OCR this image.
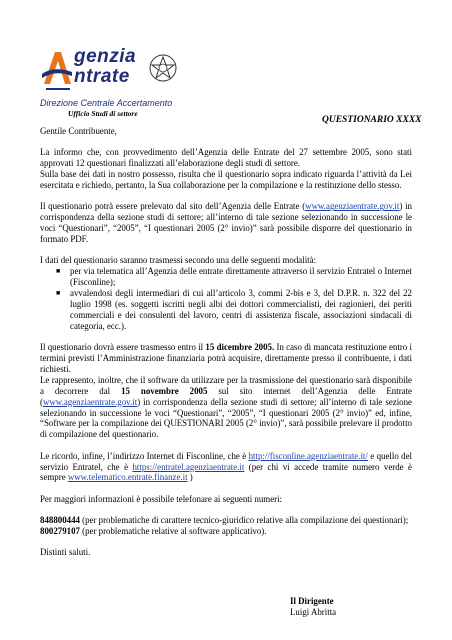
genzia
ntrate
Direzione Centrale Accertamento
Ufficio Studi di settore
QUESTIONARIO XXXX

Gentile Contribuente,

La informo che, con provvedimento dell’Agenzia delle Entrate del 27 settembre 2005, sono stati approvati 12 questionari finalizzati all’elaborazione degli studi di settore.

Sulla base dei dati in nostro possesso, risulta che il questionario sopra indicato riguarda l’attività da Lei esercitata e richiedo, pertanto, la Sua collaborazione per la compilazione e la restituzione dello stesso.

Il questionario potrà essere prelevato dal sito dell’Agenzia delle Entrate (www.agenziaentrate.gov.it) in corrispondenza della sezione studi di settore; all’interno di tale sezione selezionando in successione le voci “Questionari”, “2005”, “I questionari 2005 (2° invio)” sarà possibile disporre del questionario in formato PDF.

I dati del questionario saranno trasmessi secondo una delle seguenti modalità:

■ per via telematica all’Agenzia delle entrate direttamente attraverso il servizio Entratel o Internet (Fisconline);
■ avvalendosi degli intermediari di cui all’articolo 3, commi 2-bis e 3, del D.P.R. n. 322 del 22 luglio 1998 (es. soggetti iscritti negli albi dei dottori commercialisti, dei ragionieri, dei periti commerciali e dei consulenti del lavoro, centri di assistenza fiscale, associazioni sindacali di categoria, ecc.).

Il questionario dovrà essere trasmesso entro il 15 dicembre 2005. In caso di mancata restituzione entro i termini previsti l’Amministrazione finanziaria potrà acquisire, direttamente presso il contribuente, i dati richiesti.

Le rappresento, inoltre, che il software da utilizzare per la trasmissione del questionario sarà disponibile a decorrere dal 15 novembre 2005 sul sito internet dell’Agenzia delle Entrate (www.agenziaentrate.gov.it) in corrispondenza della sezione studi di settore; all’interno di tale sezione selezionando in successione le voci “Questionari”, “2005”, “I questionari 2005 (2° invio)” ed, infine, “Software per la compilazione dei QUESTIONARI 2005 (2° invio)”, sarà possibile prelevare il prodotto di compilazione del questionario.

Le ricordo, infine, l’indirizzo Internet di Fisconline, che è http://fisconline.agenziaentrate.it/ e quello del servizio Entratel, che è https://entratel.agenziaentrate.it (per chi vi accede tramite numero verde è sempre www.telematico.entrate.finanze.it )

Per maggiori informazioni è possibile telefonare ai seguenti numeri:

848800444 (per problematiche di carattere tecnico-giuridico relative alla compilazione dei questionari);

800279107 (per problematiche relative al software applicativo).

Distinti saluti.

Il Dirigente
Luigi Abritta
